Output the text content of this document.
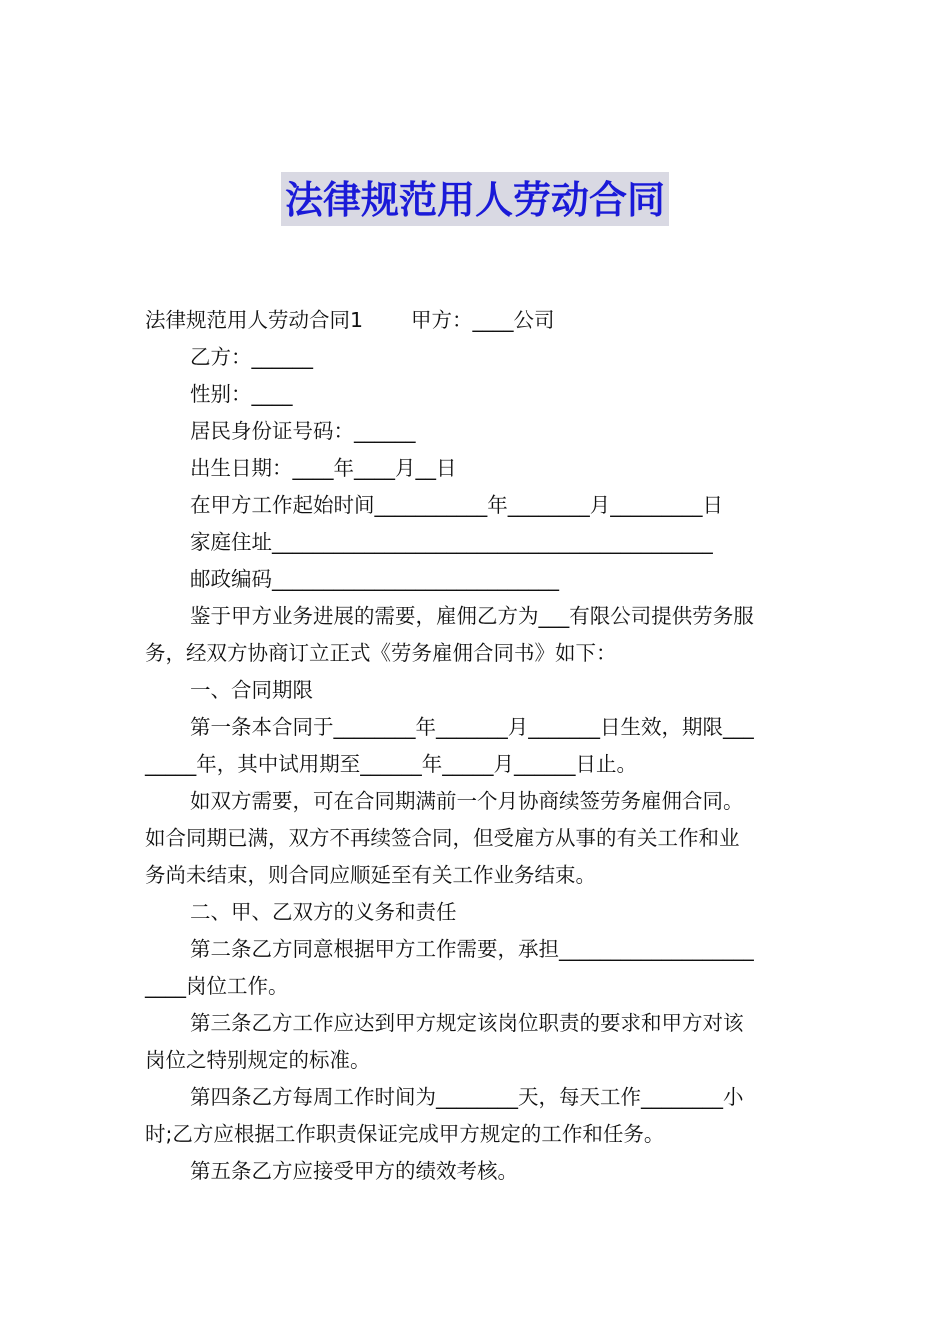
法律规范用人劳动合同
法律规范用人劳动合同1 甲方：____公司
乙方：______
性别：____
居民身份证号码：______
出生日期：____年____月__日
在甲方工作起始时间___________年________月_________日
家庭住址___________________________________________
邮政编码____________________________
鉴于甲方业务进展的需要，雇佣乙方为___有限公司提供劳务服
务，经双方协商订立正式《劳务雇佣合同书》如下：
一、合同期限
第一条本合同于________年_______月_______日生效，期限___
_____年，其中试用期至______年_____月______日止。
如双方需要，可在合同期满前一个月协商续签劳务雇佣合同。
如合同期已满，双方不再续签合同，但受雇方从事的有关工作和业
务尚未结束，则合同应顺延至有关工作业务结束。
二、甲、乙双方的义务和责任
第二条乙方同意根据甲方工作需要，承担___________________
____岗位工作。
第三条乙方工作应达到甲方规定该岗位职责的要求和甲方对该
岗位之特别规定的标准。
第四条乙方每周工作时间为________天，每天工作________小
时;乙方应根据工作职责保证完成甲方规定的工作和任务。
第五条乙方应接受甲方的绩效考核。
